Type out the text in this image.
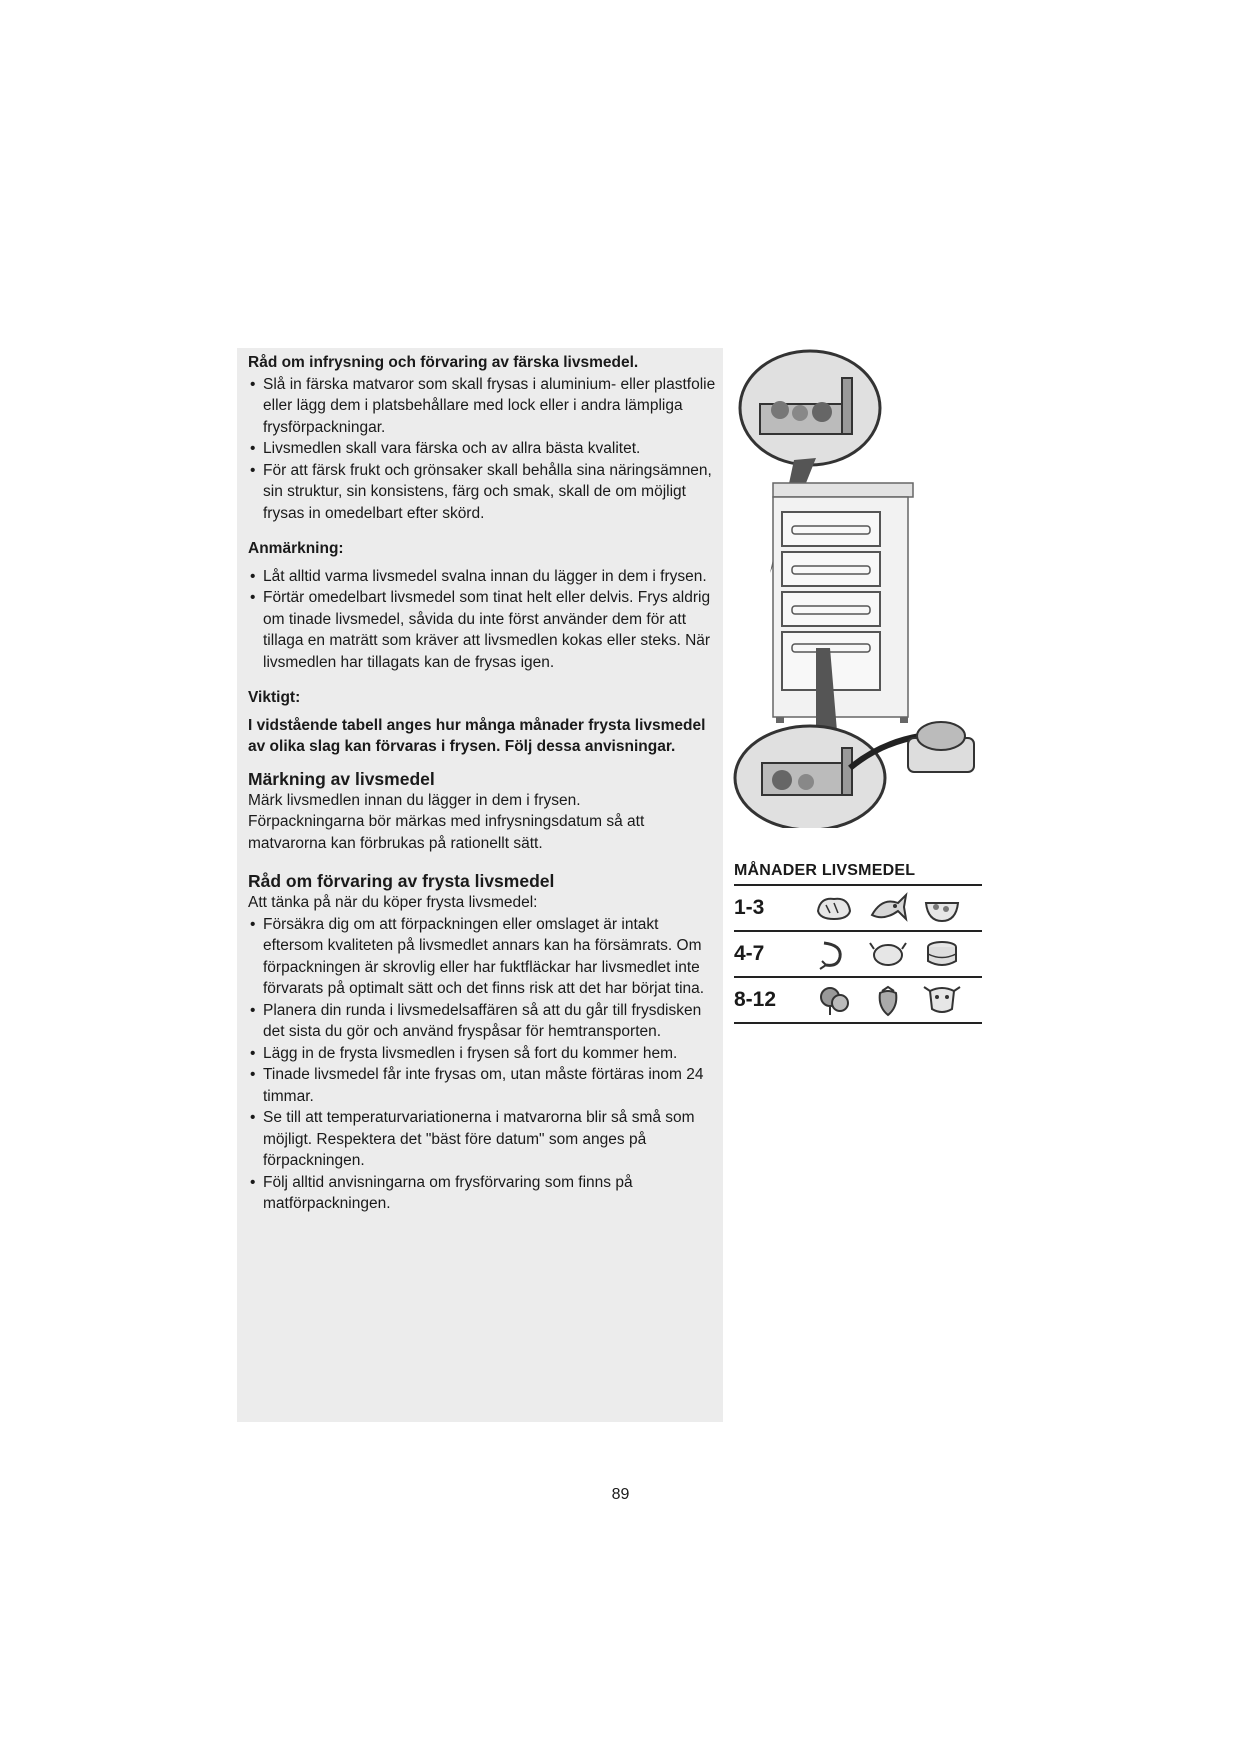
Råd om infrysning och förvaring av färska livsmedel.

• Slå in färska matvaror som skall frysas i aluminium- eller plastfolie eller lägg dem i platsbehållare med lock eller i andra lämpliga frysförpackningar.
• Livsmedlen skall vara färska och av allra bästa kvalitet.
• För att färsk frukt och grönsaker skall behålla sina näringsämnen, sin struktur, sin konsistens, färg och smak, skall de om möjligt frysas in omedelbart efter skörd.

Anmärkning:

• Låt alltid varma livsmedel svalna innan du lägger in dem i frysen.
• Förtär omedelbart livsmedel som tinat helt eller delvis. Frys aldrig om tinade livsmedel, såvida du inte först använder dem för att tillaga en maträtt som kräver att livsmedlen kokas eller steks. När livsmedlen har tillagats kan de frysas igen.

Viktigt:

I vidstående tabell anges hur många månader frysta livsmedel av olika slag kan förvaras i frysen. Följ dessa anvisningar.

Märkning av livsmedel

Märk livsmedlen innan du lägger in dem i frysen.

Förpackningarna bör märkas med infrysningsdatum så att matvarorna kan förbrukas på rationellt sätt.

Råd om förvaring av frysta livsmedel

Att tänka på när du köper frysta livsmedel:

• Försäkra dig om att förpackningen eller omslaget är intakt eftersom kvaliteten på livsmedlet annars kan ha försämrats. Om förpackningen är skrovlig eller har fuktfläckar har livsmedlet inte förvarats på optimalt sätt och det finns risk att det har börjat tina.
• Planera din runda i livsmedelsaffären så att du går till frysdisken det sista du gör och använd fryspåsar för hemtransporten.
• Lägg in de frysta livsmedlen i frysen så fort du kommer hem.
• Tinade livsmedel får inte frysas om, utan måste förtäras inom 24 timmar.
• Se till att temperaturvariationerna i matvarorna blir så små som möjligt. Respektera det "bäst före datum" som anges på förpackningen.
• Följ alltid anvisningarna om frysförvaring som finns på matförpackningen.
MÅNADER LIVSMEDEL
1-3
4-7
8-12
89
